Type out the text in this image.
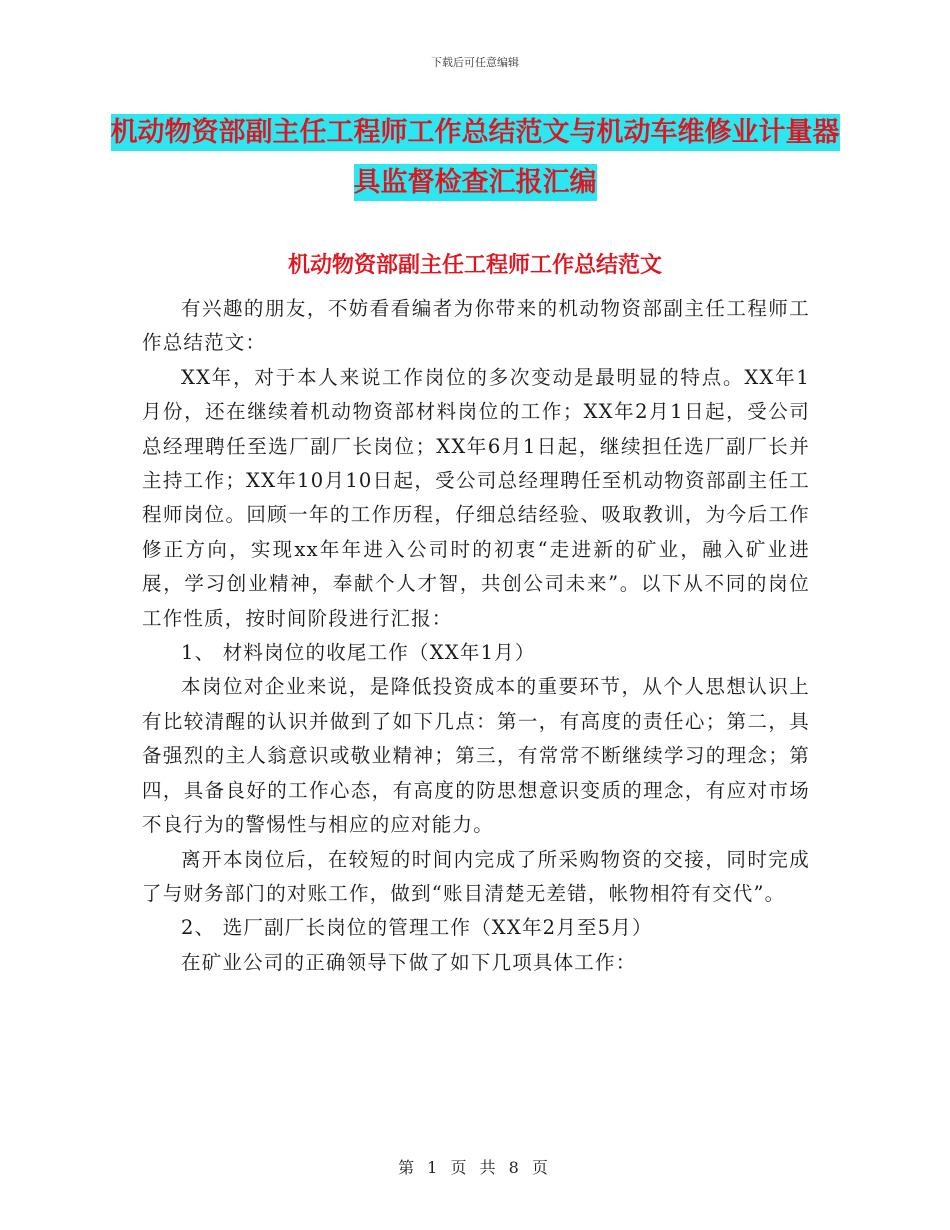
下载后可任意编辑
机动物资部副主任工程师工作总结范文与机动车维修业计量器具监督检查汇报汇编
机动物资部副主任工程师工作总结范文

有兴趣的朋友，不妨看看编者为你带来的机动物资部副主任工程师工作总结范文：

XX年，对于本人来说工作岗位的多次变动是最明显的特点。XX年1月份，还在继续着机动物资部材料岗位的工作；XX年2月1日起，受公司总经理聘任至选厂副厂长岗位；XX年6月1日起，继续担任选厂副厂长并主持工作；XX年10月10日起，受公司总经理聘任至机动物资部副主任工程师岗位。回顾一年的工作历程，仔细总结经验、吸取教训，为今后工作修正方向，实现xx年年进入公司时的初衷“走进新的矿业，融入矿业进展，学习创业精神，奉献个人才智，共创公司未来”。以下从不同的岗位工作性质，按时间阶段进行汇报：

1、 材料岗位的收尾工作（XX年1月）

本岗位对企业来说，是降低投资成本的重要环节，从个人思想认识上有比较清醒的认识并做到了如下几点：第一，有高度的责任心；第二，具备强烈的主人翁意识或敬业精神；第三，有常常不断继续学习的理念；第四，具备良好的工作心态，有高度的防思想意识变质的理念，有应对市场不良行为的警惕性与相应的应对能力。

离开本岗位后，在较短的时间内完成了所采购物资的交接，同时完成了与财务部门的对账工作，做到“账目清楚无差错，帐物相符有交代”。

2、 选厂副厂长岗位的管理工作（XX年2月至5月）

在矿业公司的正确领导下做了如下几项具体工作：

第 1 页 共 8 页
